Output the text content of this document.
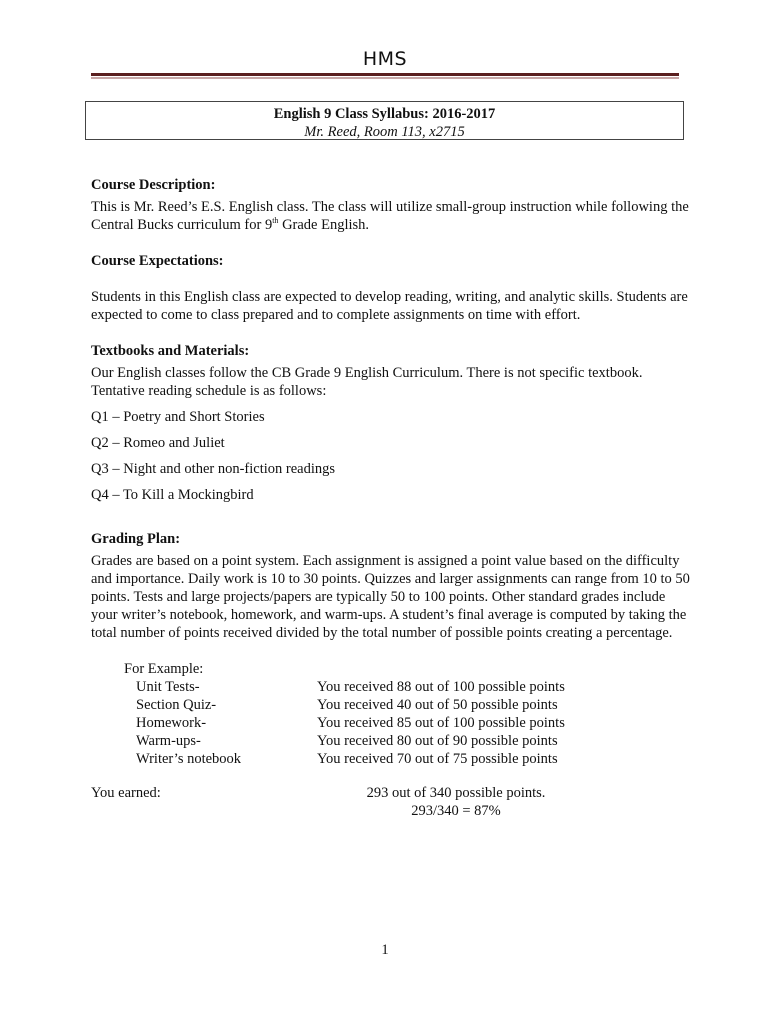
HMS
English 9 Class Syllabus: 2016-2017
Mr. Reed, Room 113, x2715

Course Description:

This is Mr. Reed’s E.S. English class. The class will utilize small-group instruction while following the Central Bucks curriculum for 9th Grade English.

Course Expectations:

Students in this English class are expected to develop reading, writing, and analytic skills. Students are expected to come to class prepared and to complete assignments on time with effort.

Textbooks and Materials:

Our English classes follow the CB Grade 9 English Curriculum. There is not specific textbook. Tentative reading schedule is as follows:

Q1 – Poetry and Short Stories

Q2 – Romeo and Juliet

Q3 – Night and other non-fiction readings

Q4 – To Kill a Mockingbird

Grading Plan:

Grades are based on a point system. Each assignment is assigned a point value based on the difficulty and importance. Daily work is 10 to 30 points. Quizzes and larger assignments can range from 10 to 50 points. Tests and large projects/papers are typically 50 to 100 points. Other standard grades include your writer’s notebook, homework, and warm-ups. A student’s final average is computed by taking the total number of points received divided by the total number of possible points creating a percentage.

For Example:
Unit Tests-	You received 88 out of 100 possible points
Section Quiz-	You received 40 out of 50 possible points
Homework-	You received 85 out of 100 possible points
Warm-ups-	You received 80 out of 90 possible points
Writer’s notebook	You received 70 out of 75 possible points
You earned:	293 out of 340 possible points.
293/340 = 87%
1
